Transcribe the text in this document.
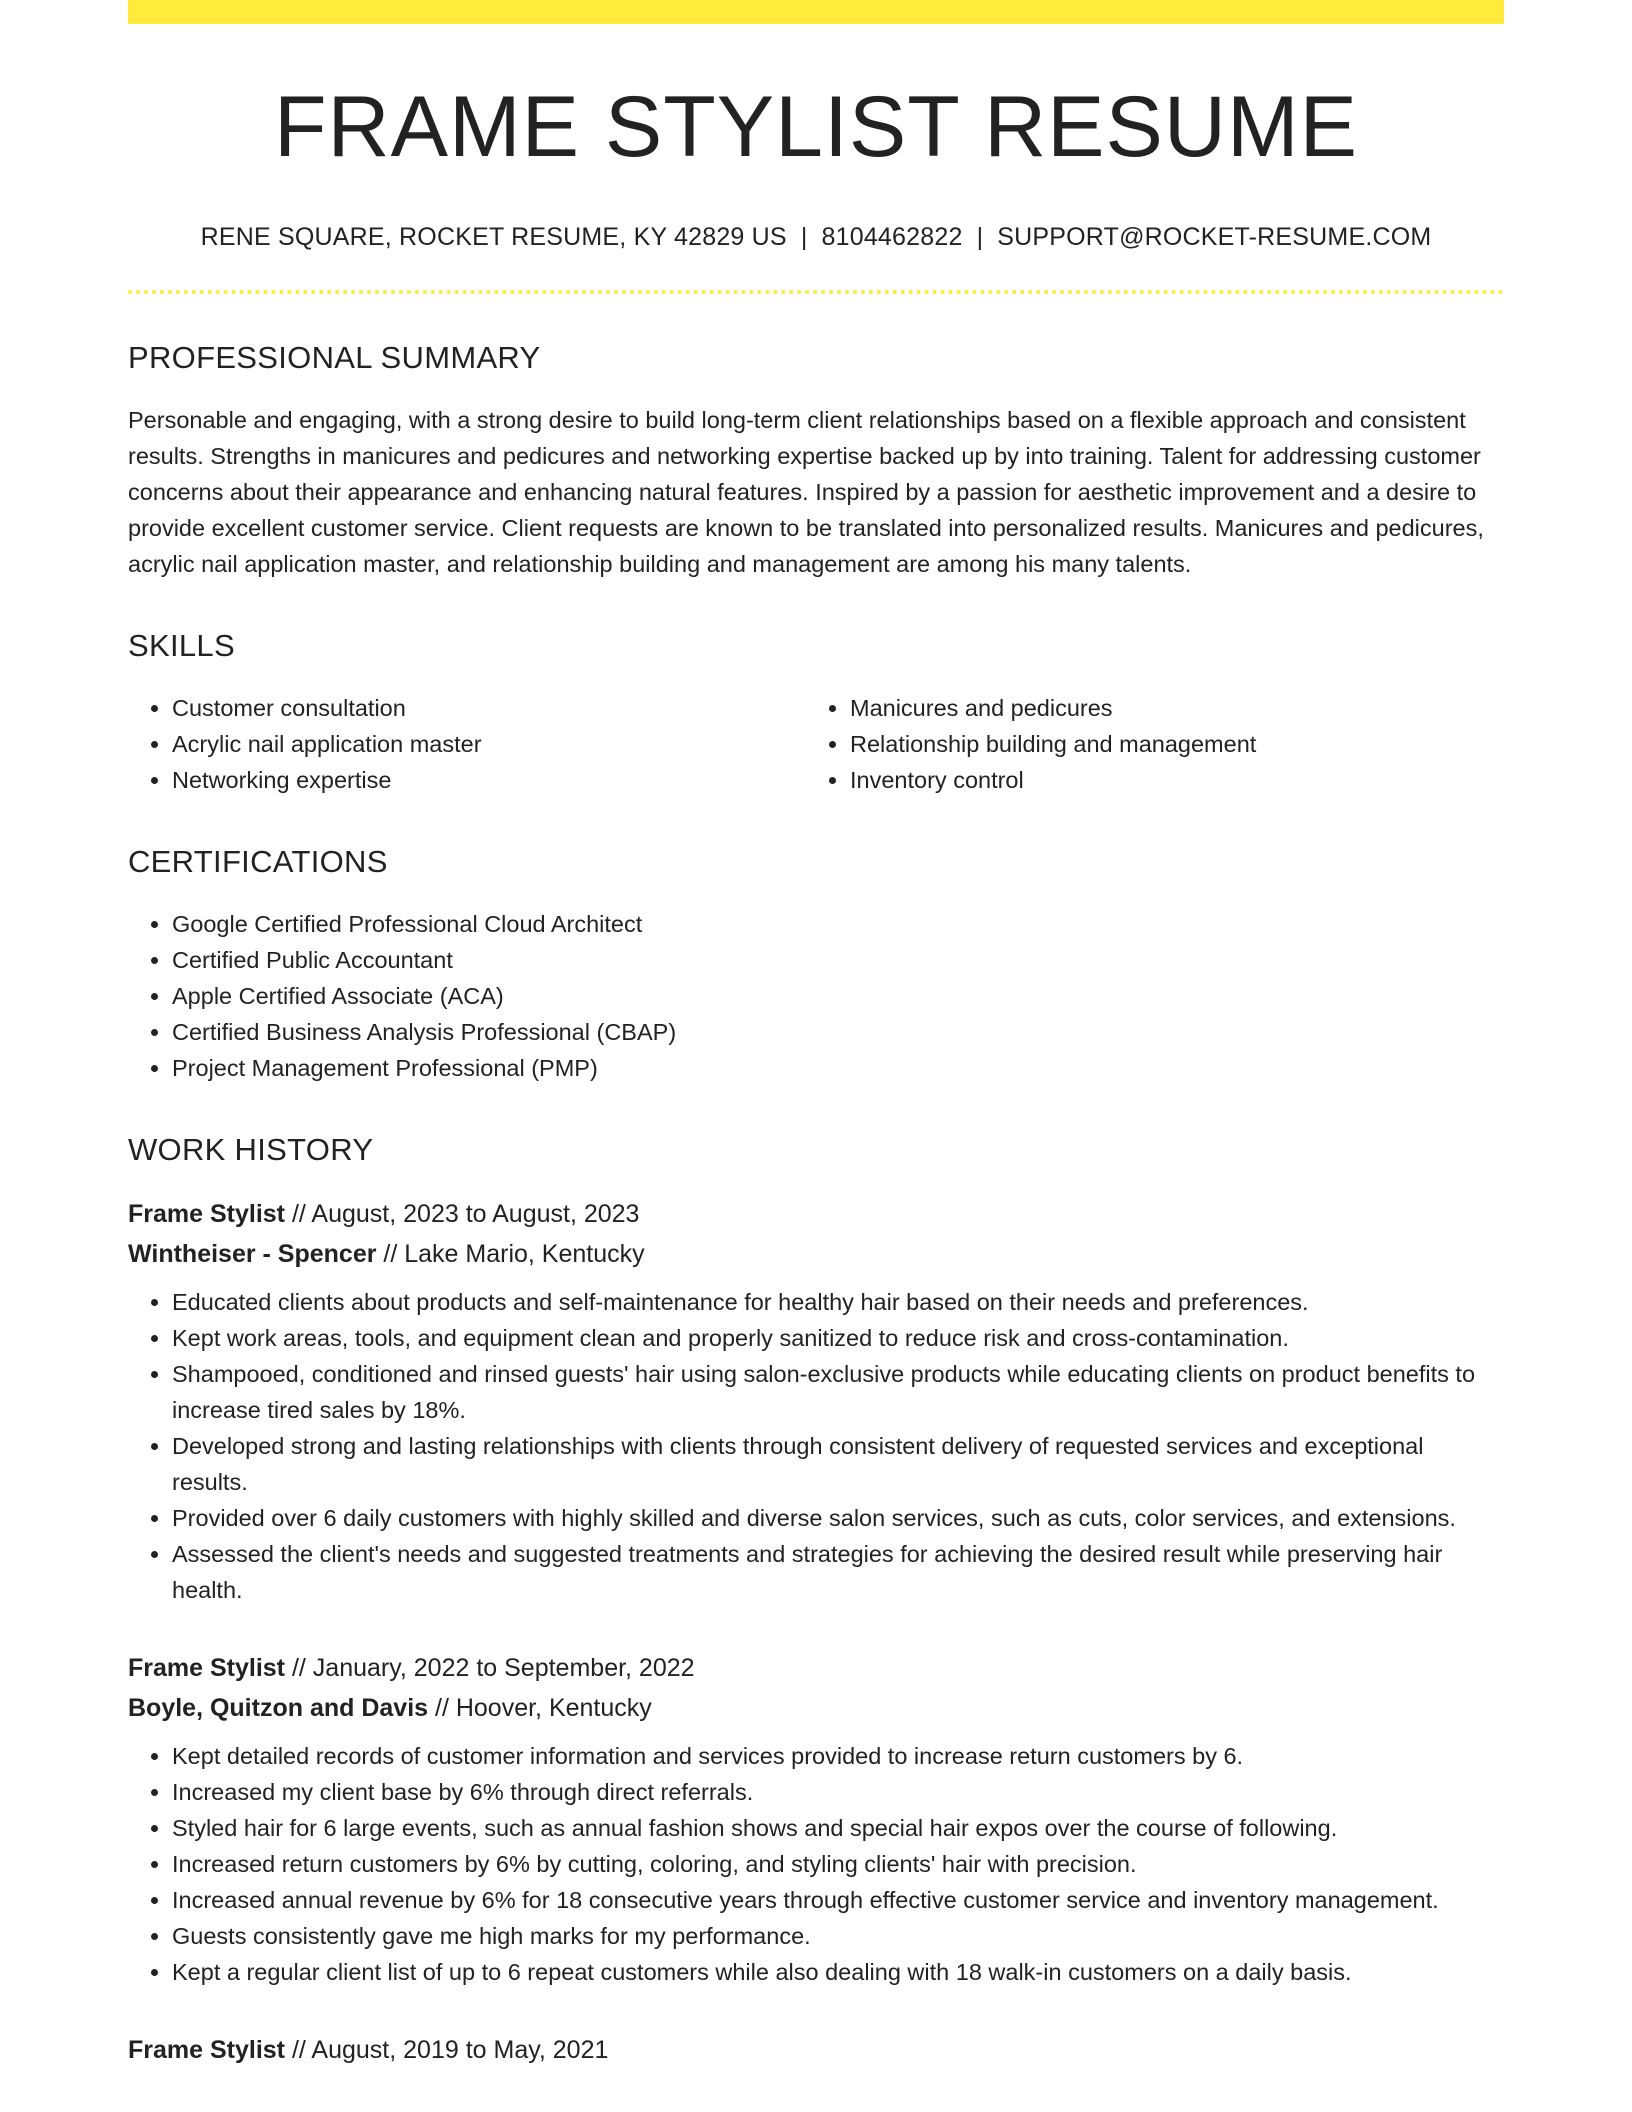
FRAME STYLIST RESUME
RENE SQUARE, ROCKET RESUME, KY 42829 US | 8104462822 | SUPPORT@ROCKET-RESUME.COM
PROFESSIONAL SUMMARY

Personable and engaging, with a strong desire to build long-term client relationships based on a flexible approach and consistent results. Strengths in manicures and pedicures and networking expertise backed up by into training. Talent for addressing customer concerns about their appearance and enhancing natural features. Inspired by a passion for aesthetic improvement and a desire to provide excellent customer service. Client requests are known to be translated into personalized results. Manicures and pedicures, acrylic nail application master, and relationship building and management are among his many talents.

SKILLS
• Customer consultation
• Acrylic nail application master
• Networking expertise
• Manicures and pedicures
• Relationship building and management
• Inventory control
CERTIFICATIONS
• Google Certified Professional Cloud Architect
• Certified Public Accountant
• Apple Certified Associate (ACA)
• Certified Business Analysis Professional (CBAP)
• Project Management Professional (PMP)
WORK HISTORY
Frame Stylist // August, 2023 to August, 2023
Wintheiser - Spencer // Lake Mario, Kentucky
• Educated clients about products and self-maintenance for healthy hair based on their needs and preferences.
• Kept work areas, tools, and equipment clean and properly sanitized to reduce risk and cross-contamination.
• Shampooed, conditioned and rinsed guests' hair using salon-exclusive products while educating clients on product benefits to increase tired sales by 18%.
• Developed strong and lasting relationships with clients through consistent delivery of requested services and exceptional results.
• Provided over 6 daily customers with highly skilled and diverse salon services, such as cuts, color services, and extensions.
• Assessed the client's needs and suggested treatments and strategies for achieving the desired result while preserving hair health.
Frame Stylist // January, 2022 to September, 2022
Boyle, Quitzon and Davis // Hoover, Kentucky
• Kept detailed records of customer information and services provided to increase return customers by 6.
• Increased my client base by 6% through direct referrals.
• Styled hair for 6 large events, such as annual fashion shows and special hair expos over the course of following.
• Increased return customers by 6% by cutting, coloring, and styling clients' hair with precision.
• Increased annual revenue by 6% for 18 consecutive years through effective customer service and inventory management.
• Guests consistently gave me high marks for my performance.
• Kept a regular client list of up to 6 repeat customers while also dealing with 18 walk-in customers on a daily basis.
Frame Stylist // August, 2019 to May, 2021
